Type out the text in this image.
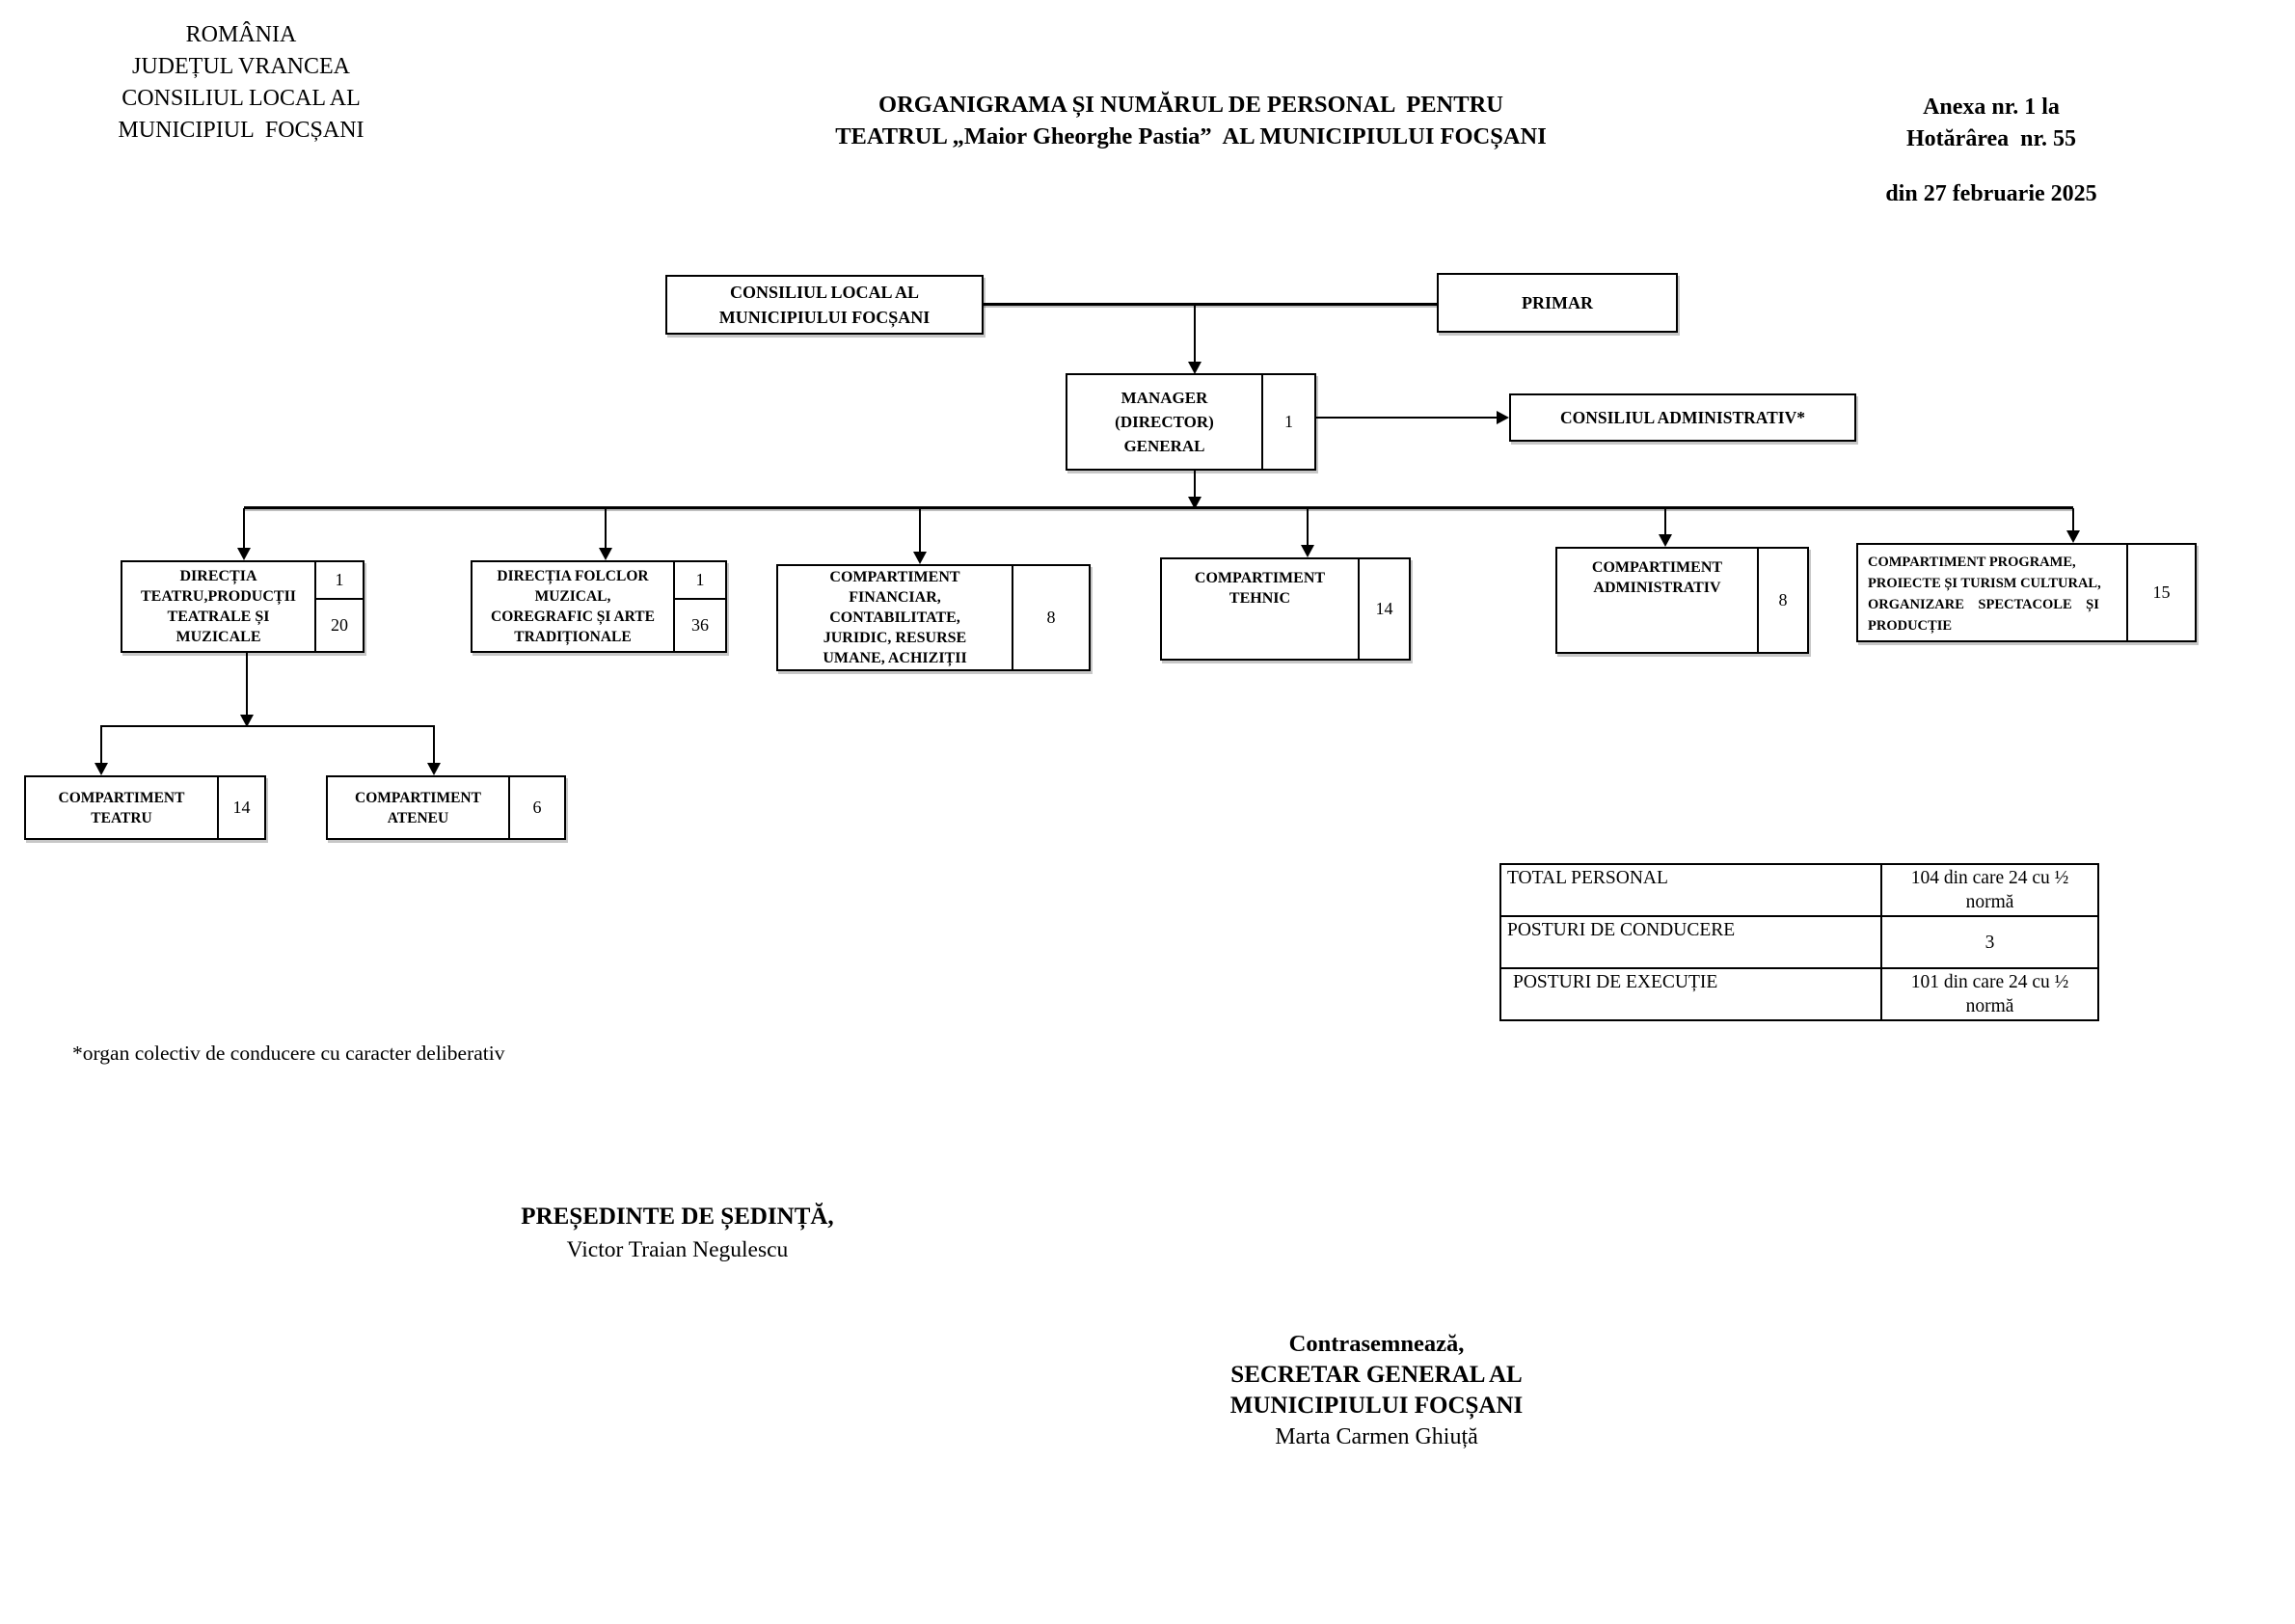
ROMÂNIA
JUDEȚUL VRANCEA
CONSILIUL LOCAL AL
MUNICIPIUL  FOCȘANI
ORGANIGRAMA ȘI NUMĂRUL DE PERSONAL  PENTRU
TEATRUL „Maior Gheorghe Pastia”  AL MUNICIPIULUI FOCȘANI
Anexa nr. 1 la
Hotărârea  nr. 55
din 27 februarie 2025
CONSILIUL LOCAL AL
MUNICIPIULUI FOCȘANI
PRIMAR
MANAGER
(DIRECTOR)
GENERAL
1	CONSILIUL ADMINISTRATIV*
DIRECȚIA
TEATRU,PRODUCȚII
TEATRALE ȘI
MUZICALE
1
20
DIRECȚIA FOLCLOR
MUZICAL,
COREGRAFIC ȘI ARTE
TRADIȚIONALE
1
36
COMPARTIMENT
FINANCIAR,
CONTABILITATE,
JURIDIC, RESURSE
UMANE, ACHIZIȚII
8
COMPARTIMENT
TEHNIC
14
COMPARTIMENT
ADMINISTRATIV
8
COMPARTIMENT PROGRAME,
PROIECTE ȘI TURISM CULTURAL,
ORGANIZARE    SPECTACOLE    ȘI
PRODUCȚIE
15
COMPARTIMENT
TEATRU
14	COMPARTIMENT
ATENEU
6
TOTAL PERSONAL	104 din care 24 cu ½
normă
POSTURI DE CONDUCERE	3
POSTURI DE EXECUȚIE	101 din care 24 cu ½
normă
*organ colectiv de conducere cu caracter deliberativ
PREȘEDINTE DE ȘEDINȚĂ,
Victor Traian Negulescu
Contrasemnează,
SECRETAR GENERAL AL
MUNICIPIULUI FOCȘANI
Marta Carmen Ghiuță
